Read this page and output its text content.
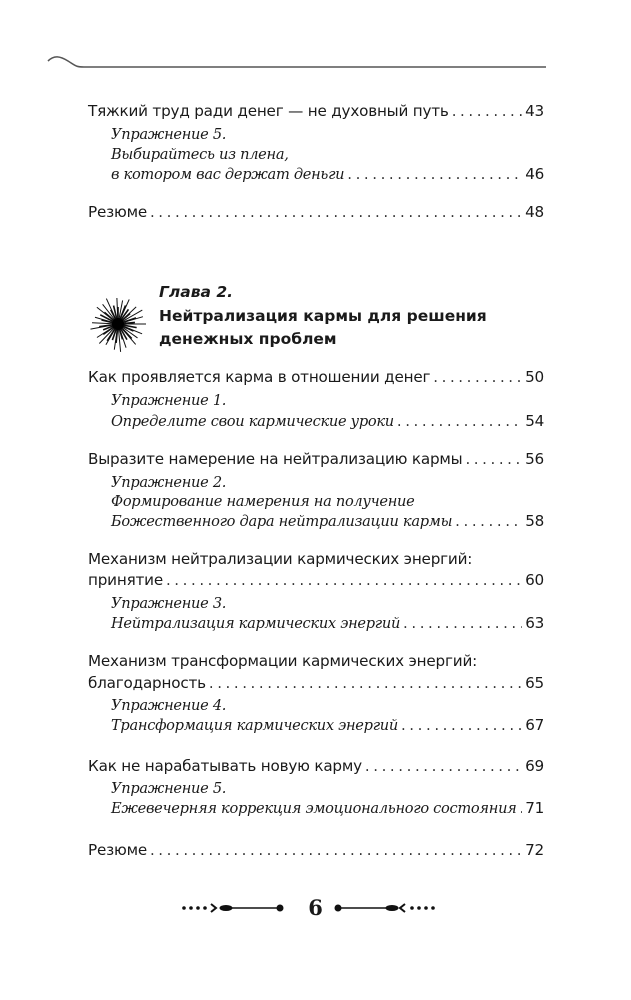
Тяжкий труд ради денег — не духовный путь . . .	43
Упражнение 5.
Выбирайтесь из плена,
в котором вас держат деньги . . .	46
Резюме . . .	48
Как проявляется карма в отношении денег . . .	50
Упражнение 1.
Определите свои кармические уроки . . .	54
Выразите намерение на нейтрализацию кармы . . .	56
Упражнение 2.
Формирование намерения на получение
Божественного дара нейтрализации кармы . . .	58
Механизм нейтрализации кармических энергий:
принятие . . .	60
Упражнение 3.
Нейтрализация кармических энергий . . .	63
Механизм трансформации кармических энергий:
благодарность . . .	65
Упражнение 4.
Трансформация кармических энергий . . .	67
Как не нарабатывать новую карму . . .	69
Упражнение 5.
Ежевечерняя коррекция эмоционального состояния . . . 71
Резюме . . .	72
Глава 2.
Нейтрализация кармы для решения
денежных проблем
6
